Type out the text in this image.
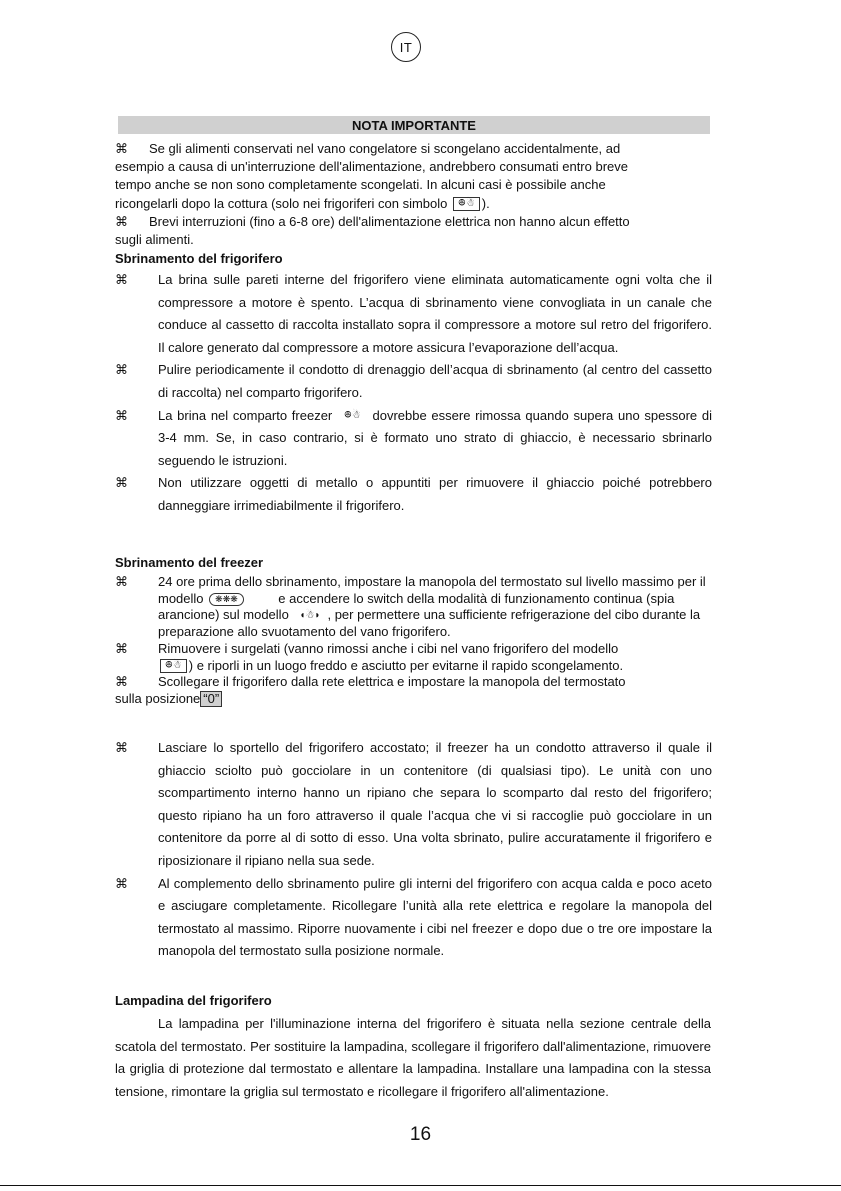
IT
NOTA IMPORTANTE

⌘ Se gli alimenti conservati nel vano congelatore si scongelano accidentalmente, ad

esempio a causa di un'interruzione dell'alimentazione, andrebbero consumati entro breve

tempo anche se non sono completamente scongelati. In alcuni casi è possibile anche

ricongelarli dopo la cottura (solo nei frigoriferi con simbolo ꔮ☃ ).

⌘ Brevi interruzioni (fino a 6-8 ore) dell'alimentazione elettrica non hanno alcun effetto

sugli alimenti.

Sbrinamento del frigorifero
⌘ La brina sulle pareti interne del frigorifero viene eliminata automaticamente ogni volta che il compressore a motore è spento. L’acqua di sbrinamento viene convogliata in un canale che conduce al cassetto di raccolta installato sopra il compressore a motore sul retro del frigorifero. Il calore generato dal compressore a motore assicura l’evaporazione dell’acqua.
⌘ Pulire periodicamente il condotto di drenaggio dell’acqua di sbrinamento (al centro del cassetto di raccolta) nel comparto frigorifero.
⌘ La brina nel comparto freezer ꔮ☃ dovrebbe essere rimossa quando supera uno spessore di 3-4 mm. Se, in caso contrario, si è formato uno strato di ghiaccio, è necessario sbrinarlo seguendo le istruzioni.
⌘ Non utilizzare oggetti di metallo o appuntiti per rimuovere il ghiaccio poiché potrebbero danneggiare irrimediabilmente il frigorifero.
Sbrinamento del freezer
⌘ 24 ore prima dello sbrinamento, impostare la manopola del termostato sul livello massimo per il modello ❋❋❋	e accendere lo switch della modalità di funzionamento continua (spia arancione) sul modello ◖☃◗ , per permettere una sufficiente refrigerazione del cibo durante la preparazione allo svuotamento del vano frigorifero.
⌘ Rimuovere i surgelati (vanno rimossi anche i cibi nel vano frigorifero del modello
ꔮ☃ ) e riporli in un luogo freddo e asciutto per evitarne il rapido scongelamento.
⌘ Scollegare il frigorifero dalla rete elettrica e impostare la manopola del termostato
sulla posizione “0”
⌘ Lasciare lo sportello del frigorifero accostato; il freezer ha un condotto attraverso il quale il ghiaccio sciolto può gocciolare in un contenitore (di qualsiasi tipo). Le unità con uno scompartimento interno hanno un ripiano che separa lo scomparto dal resto del frigorifero; questo ripiano ha un foro attraverso il quale l’acqua che vi si raccoglie può gocciolare in un contenitore da porre al di sotto di esso. Una volta sbrinato, pulire accuratamente il frigorifero e riposizionare il ripiano nella sua sede.
⌘ Al complemento dello sbrinamento pulire gli interni del frigorifero con acqua calda e poco aceto e asciugare completamente. Ricollegare l’unità alla rete elettrica e regolare la manopola del termostato al massimo. Riporre nuovamente i cibi nel freezer e dopo due o tre ore impostare la manopola del termostato sulla posizione normale.
Lampadina del frigorifero
La lampadina per l'illuminazione interna del frigorifero è situata nella sezione centrale della scatola del termostato. Per sostituire la lampadina, scollegare il frigorifero dall'alimentazione, rimuovere la griglia di protezione dal termostato e allentare la lampadina. Installare una lampadina con la stessa tensione, rimontare la griglia sul termostato e ricollegare il frigorifero all'alimentazione.
16
